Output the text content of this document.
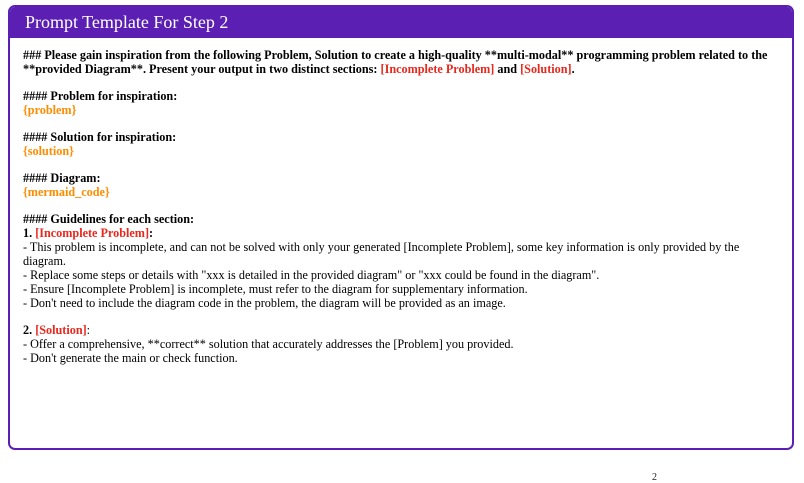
Prompt Template For Step 2
### Please gain inspiration from the following Problem, Solution to create a high-quality **multi-modal** programming problem related to the **provided Diagram**. Present your output in two distinct sections: [Incomplete Problem] and [Solution].
#### Problem for inspiration:
{problem}
#### Solution for inspiration:
{solution}
#### Diagram:
{mermaid_code}
#### Guidelines for each section:
1. [Incomplete Problem]:
- This problem is incomplete, and can not be solved with only your generated [Incomplete Problem], some key information is only provided by the diagram.
- Replace some steps or details with "xxx is detailed in the provided diagram" or "xxx could be found in the diagram".
- Ensure [Incomplete Problem] is incomplete, must refer to the diagram for supplementary information.
- Don't need to include the diagram code in the problem, the diagram will be provided as an image.
2. [Solution]:
- Offer a comprehensive, **correct** solution that accurately addresses the [Problem] you provided.
- Don't generate the main or check function.
2
